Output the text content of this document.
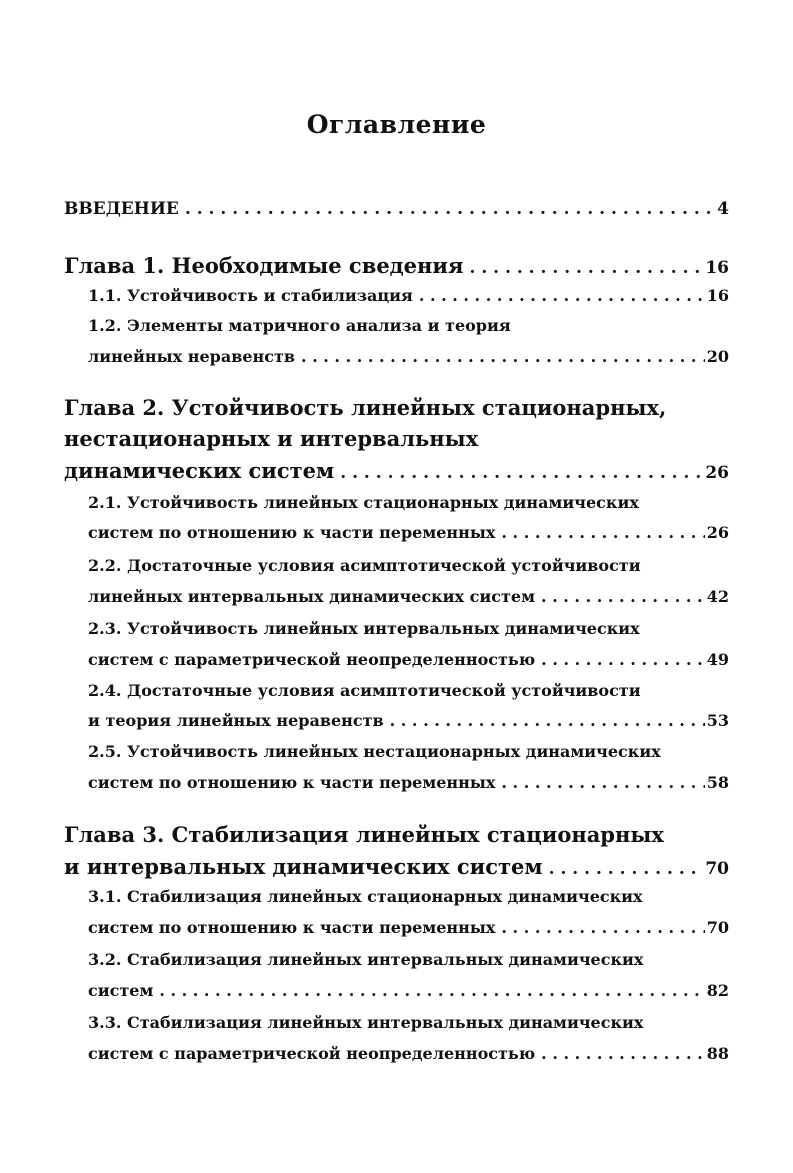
Оглавление
ВВЕДЕНИЕ . . .	4
Глава 1. Необходимые сведения . . .	16
1.1. Устойчивость и стабилизация . . .	16
1.2. Элементы матричного анализа и теория
линейных неравенств . . .	20
Глава 2. Устойчивость линейных стационарных,
нестационарных и интервальных
динамических систем . . .	26
2.1. Устойчивость линейных стационарных динамических
систем по отношению к части переменных . . .	26
2.2. Достаточные условия асимптотической устойчивости
линейных интервальных динамических систем . . .	42
2.3. Устойчивость линейных интервальных динамических
систем с параметрической неопределенностью . . .	49
2.4. Достаточные условия асимптотической устойчивости
и теория линейных неравенств . . .	53
2.5. Устойчивость линейных нестационарных динамических
систем по отношению к части переменных . . .	58
Глава 3. Стабилизация линейных стационарных
и интервальных динамических систем . . .	70
3.1. Стабилизация линейных стационарных динамических
систем по отношению к части переменных . . .	70
3.2. Стабилизация линейных интервальных динамических
систем . . .	82
3.3. Стабилизация линейных интервальных динамических
систем с параметрической неопределенностью . . .	88
